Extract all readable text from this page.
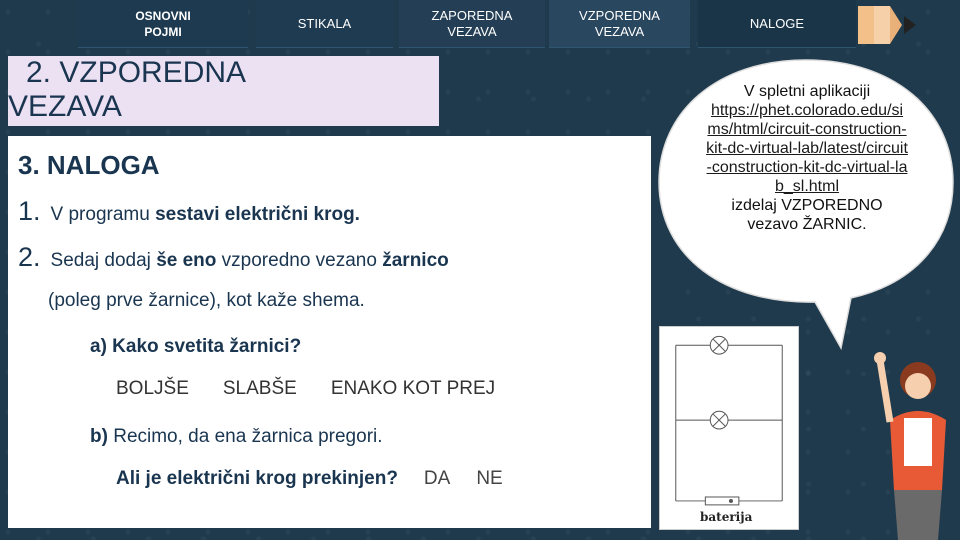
OSNOVNI
POJMI
STIKALA
ZAPOREDNA
VEZAVA
VZPOREDNA
VEZAVA
NALOGE
2. VZPOREDNA
VEZAVA
3. NALOGA
1. V programu sestavi električni krog.
2. Sedaj dodaj še eno vzporedno vezano žarnico
(poleg prve žarnice), kot kaže shema.
a) Kako svetita žarnici?
BOLJŠE SLABŠE ENAKO KOT PREJ
b) Recimo, da ena žarnica pregori.
Ali je električni krog prekinjen? DA NE
V spletni aplikaciji
https://phet.colorado.edu/sims/html/circuit-construction-kit-dc-virtual-lab/latest/circuit-construction-kit-dc-virtual-lab_sl.html
izdelaj VZPOREDNO vezavo ŽARNIC.
baterija
